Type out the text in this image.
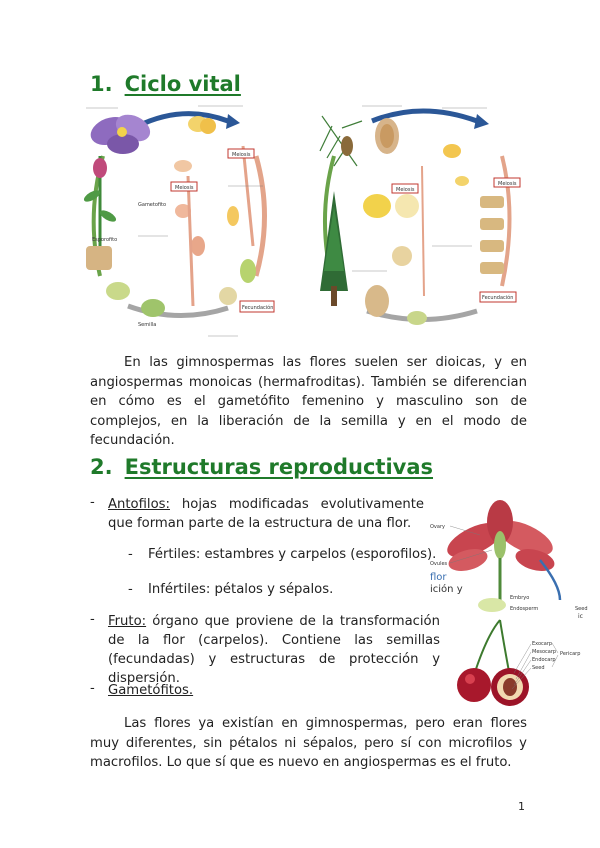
1. Ciclo vital
Meiosis
Meiosis
Fecundación
Gametofito
Esporofito
Semilla
Meiosis
Meiosis
Fecundación

En las gimnospermas las flores suelen ser dioicas, y en angiospermas monoicas (hermafroditas). También se diferencian en cómo es el gametófito femenino y masculino son de complejos, en la liberación de la semilla y en el modo de fecundación.

2. Estructuras reproductivas
- Antofilos: hojas modificadas evolutivamente que forman parte de la estructura de una flor.
- Fértiles: estambres y carpelos (esporofilos).
- Infértiles: pétalos y sépalos.
- Fruto: órgano que proviene de la transformación de la flor (carpelos). Contiene las semillas (fecundadas) y estructuras de protección y dispersión.
- Gametófitos.
Ovary
Ovules
Embryo
Endosperm	Seed
flor
ición y
ic
Exocarp
Mesocarp
Endocarp
Seed
Pericarp

Las flores ya existían en gimnospermas, pero eran flores muy diferentes, sin pétalos ni sépalos, pero sí con microfilos y macrofilos. Lo que sí que es nuevo en angiospermas es el fruto.

1
